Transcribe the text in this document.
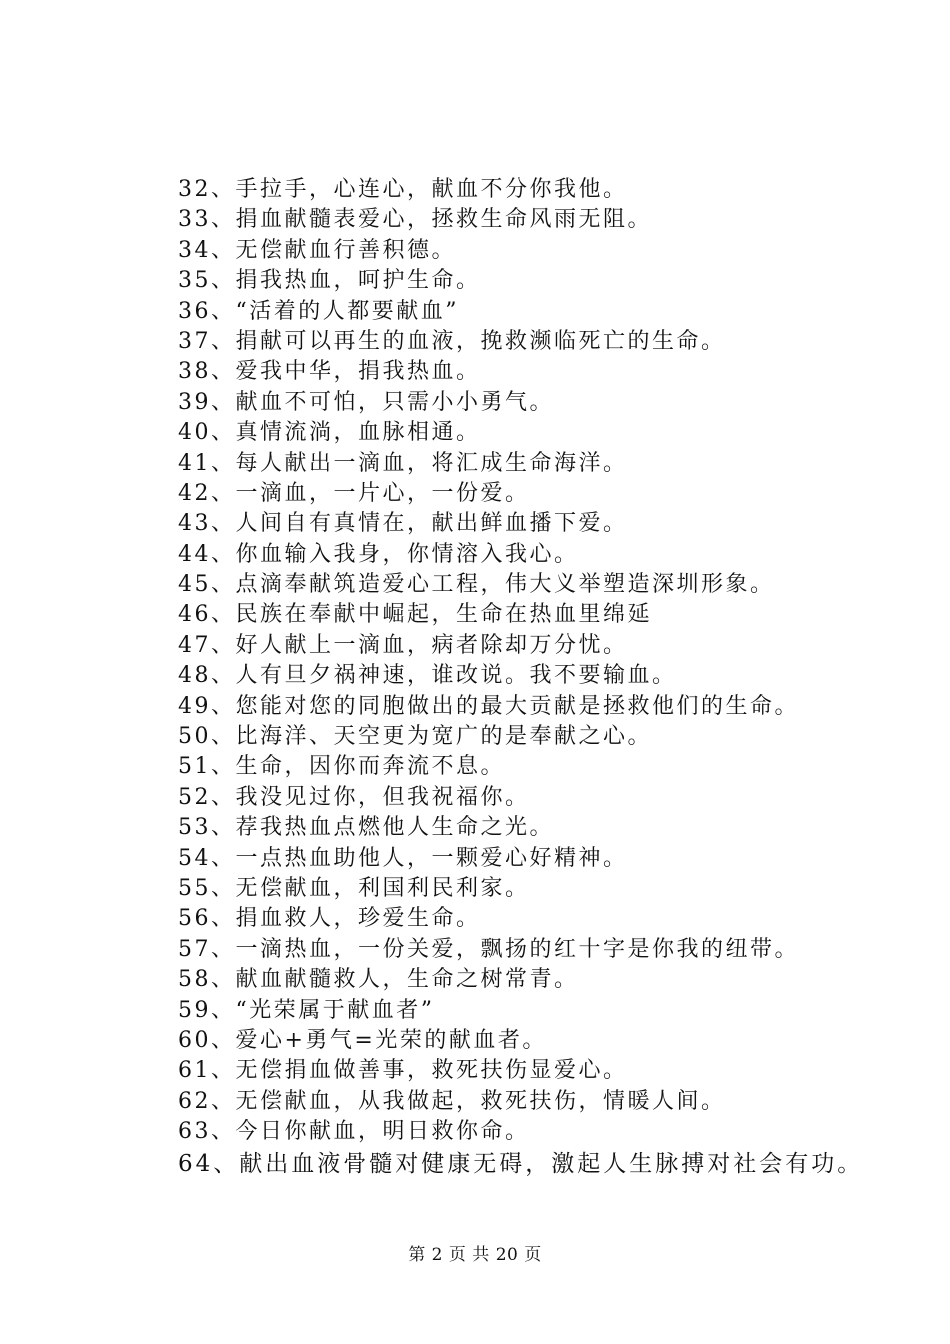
32、手拉手，心连心，献血不分你我他。
33、捐血献髓表爱心，拯救生命风雨无阻。
34、无偿献血行善积德。
35、捐我热血，呵护生命。
36、“活着的人都要献血”
37、捐献可以再生的血液，挽救濒临死亡的生命。
38、爱我中华，捐我热血。
39、献血不可怕，只需小小勇气。
40、真情流淌，血脉相通。
41、每人献出一滴血，将汇成生命海洋。
42、一滴血，一片心，一份爱。
43、人间自有真情在，献出鲜血播下爱。
44、你血输入我身，你情溶入我心。
45、点滴奉献筑造爱心工程，伟大义举塑造深圳形象。
46、民族在奉献中崛起，生命在热血里绵延
47、好人献上一滴血，病者除却万分忧。
48、人有旦夕祸神速，谁改说。我不要输血。
49、您能对您的同胞做出的最大贡献是拯救他们的生命。
50、比海洋、天空更为宽广的是奉献之心。
51、生命，因你而奔流不息。
52、我没见过你，但我祝福你。
53、荐我热血点燃他人生命之光。
54、一点热血助他人，一颗爱心好精神。
55、无偿献血，利国利民利家。
56、捐血救人，珍爱生命。
57、一滴热血，一份关爱，飘扬的红十字是你我的纽带。
58、献血献髓救人，生命之树常青。
59、“光荣属于献血者”
60、爱心+勇气=光荣的献血者。
61、无偿捐血做善事，救死扶伤显爱心。
62、无偿献血，从我做起，救死扶伤，情暖人间。
63、今日你献血，明日救你命。
64、献出血液骨髓对健康无碍，激起人生脉搏对社会有功。
第 2 页 共 20 页
